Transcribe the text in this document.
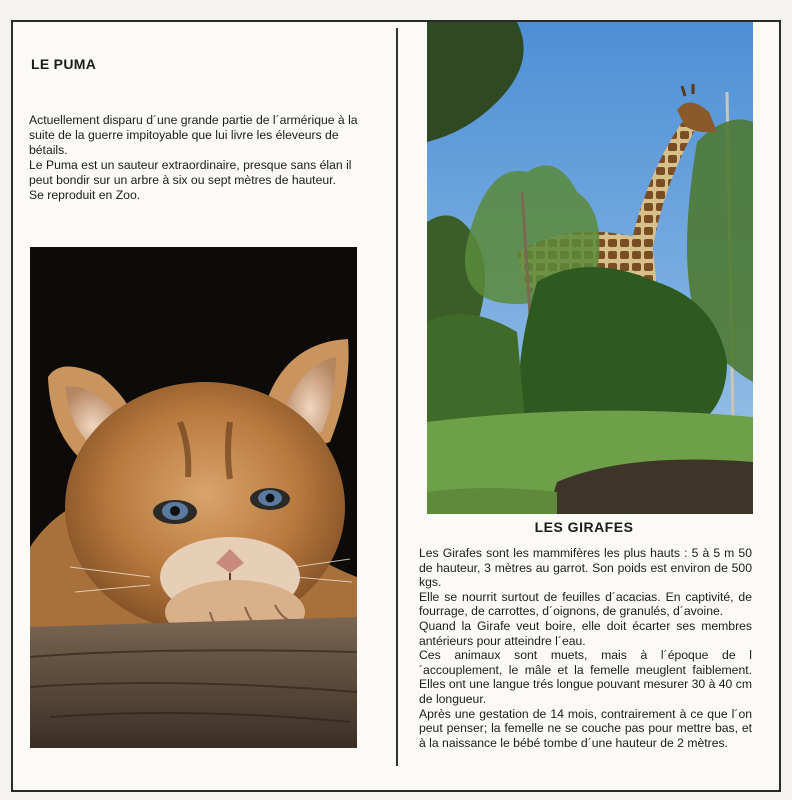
LE PUMA

Actuellement disparu d´une grande partie de l´armérique à la suite de la guerre impitoyable que lui livre les éleveurs de bétails.

Le Puma est un sauteur extraordinaire, presque sans élan il peut bondir sur un arbre à six ou sept mètres de hauteur.

Se reproduit en Zoo.

LES GIRAFES

Les Girafes sont les mammifères les plus hauts : 5 à 5 m 50 de hauteur, 3 mètres au garrot. Son poids est environ de 500 kgs.

Elle se nourrit surtout de feuilles d´acacias. En captivité, de fourrage, de carrottes, d´oignons, de granulés, d´avoine.

Quand la Girafe veut boire, elle doit écarter ses membres antérieurs pour atteindre l´eau.

Ces animaux sont muets, mais à l´époque de l´accouplement, le mâle et la femelle meuglent faiblement. Elles ont une langue trés longue pouvant mesurer 30 à 40 cm de longueur.

Après une gestation de 14 mois, contrairement à ce que l´on peut penser; la femelle ne se couche pas pour mettre bas, et à la naissance le bébé tombe d´une hauteur de 2 mètres.
